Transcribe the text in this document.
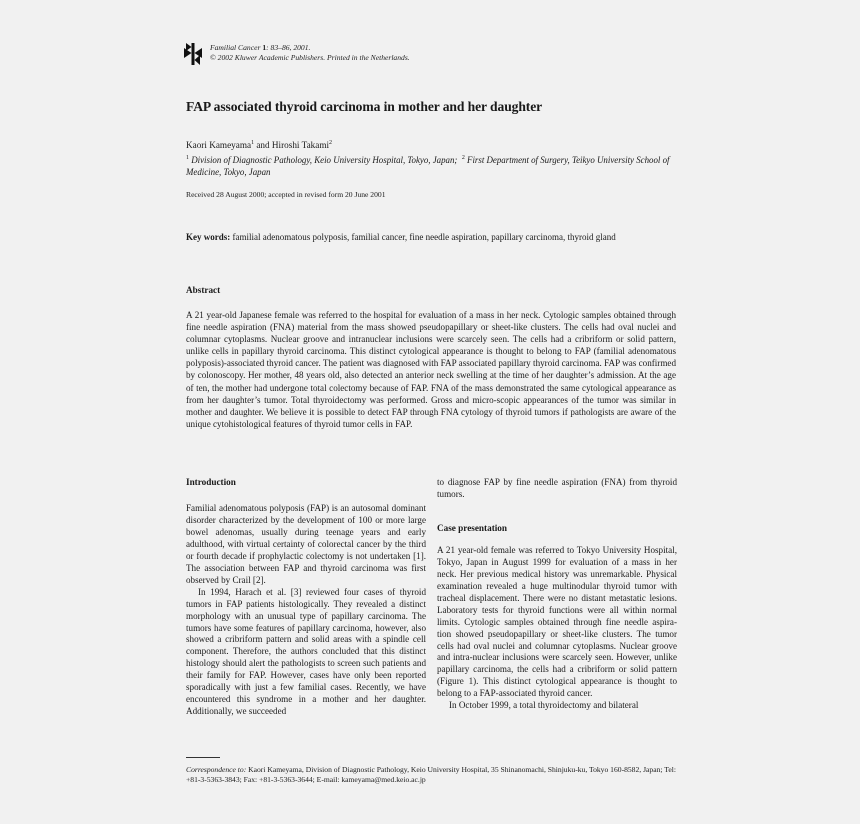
Familial Cancer 1: 83–86, 2001.
© 2002 Kluwer Academic Publishers. Printed in the Netherlands.
FAP associated thyroid carcinoma in mother and her daughter
Kaori Kameyama$^1$ and Hiroshi Takami$^2$
$^1$ Division of Diagnostic Pathology, Keio University Hospital, Tokyo, Japan; $^2$ First Department of Surgery, Teikyo University School of Medicine, Tokyo, Japan
Received 28 August 2000; accepted in revised form 20 June 2001
Key words: familial adenomatous polyposis, familial cancer, fine needle aspiration, papillary carcinoma, thyroid gland
Abstract
A 21 year-old Japanese female was referred to the hospital for evaluation of a mass in her neck. Cytologic samples obtained through fine needle aspiration (FNA) material from the mass showed pseudopapillary or sheet-like clusters. The cells had oval nuclei and columnar cytoplasms. Nuclear groove and intranuclear inclusions were scarcely seen. The cells had a cribriform or solid pattern, unlike cells in papillary thyroid carcinoma. This distinct cytological appearance is thought to belong to FAP (familial adenomatous polyposis)-associated thyroid cancer. The patient was diagnosed with FAP associated papillary thyroid carcinoma. FAP was confirmed by colonoscopy. Her mother, 48 years old, also detected an anterior neck swelling at the time of her daughter’s admission. At the age of ten, the mother had undergone total colectomy because of FAP. FNA of the mass demonstrated the same cytological appearance as from her daughter’s tumor. Total thyroidectomy was performed. Gross and micro-scopic appearances of the tumor was similar in mother and daughter. We believe it is possible to detect FAP through FNA cytology of thyroid tumors if pathologists are aware of the unique cytohistological features of thyroid tumor cells in FAP.

Introduction

Familial adenomatous polyposis (FAP) is an autosomal dominant disorder characterized by the development of 100 or more large bowel adenomas, usually during teenage years and early adulthood, with virtual certainty of colorectal cancer by the third or fourth decade if prophylactic colectomy is not undertaken [1]. The association between FAP and thyroid carcinoma was first observed by Crail [2].

In 1994, Harach et al. [3] reviewed four cases of thyroid tumors in FAP patients histologically. They revealed a distinct morphology with an unusual type of papillary carcinoma. The tumors have some features of papillary carcinoma, however, also showed a cribriform pattern and solid areas with a spindle cell component. Therefore, the authors concluded that this distinct histology should alert the pathologists to screen such patients and their family for FAP. However, cases have only been reported sporadically with just a few familial cases. Recently, we have encountered this syndrome in a mother and her daughter. Additionally, we succeeded

to diagnose FAP by fine needle aspiration (FNA) from thyroid tumors.

Case presentation

A 21 year-old female was referred to Tokyo University Hospital, Tokyo, Japan in August 1999 for evaluation of a mass in her neck. Her previous medical history was unremarkable. Physical examination revealed a huge multinodular thyroid tumor with tracheal displacement. There were no distant metastatic lesions. Laboratory tests for thyroid functions were all within normal limits. Cytologic samples obtained through fine needle aspira-tion showed pseudopapillary or sheet-like clusters. The tumor cells had oval nuclei and columnar cytoplasms. Nuclear groove and intra-nuclear inclusions were scarcely seen. However, unlike papillary carcinoma, the cells had a cribriform or solid pattern (Figure 1). This distinct cytological appearance is thought to belong to a FAP-associated thyroid cancer.

In October 1999, a total thyroidectomy and bilateral

Correspondence to: Kaori Kameyama, Division of Diagnostic Pathology, Keio University Hospital, 35 Shinanomachi, Shinjuku-ku, Tokyo 160-8582, Japan; Tel: +81-3-5363-3843; Fax: +81-3-5363-3644; E-mail: kameyama@med.keio.ac.jp
